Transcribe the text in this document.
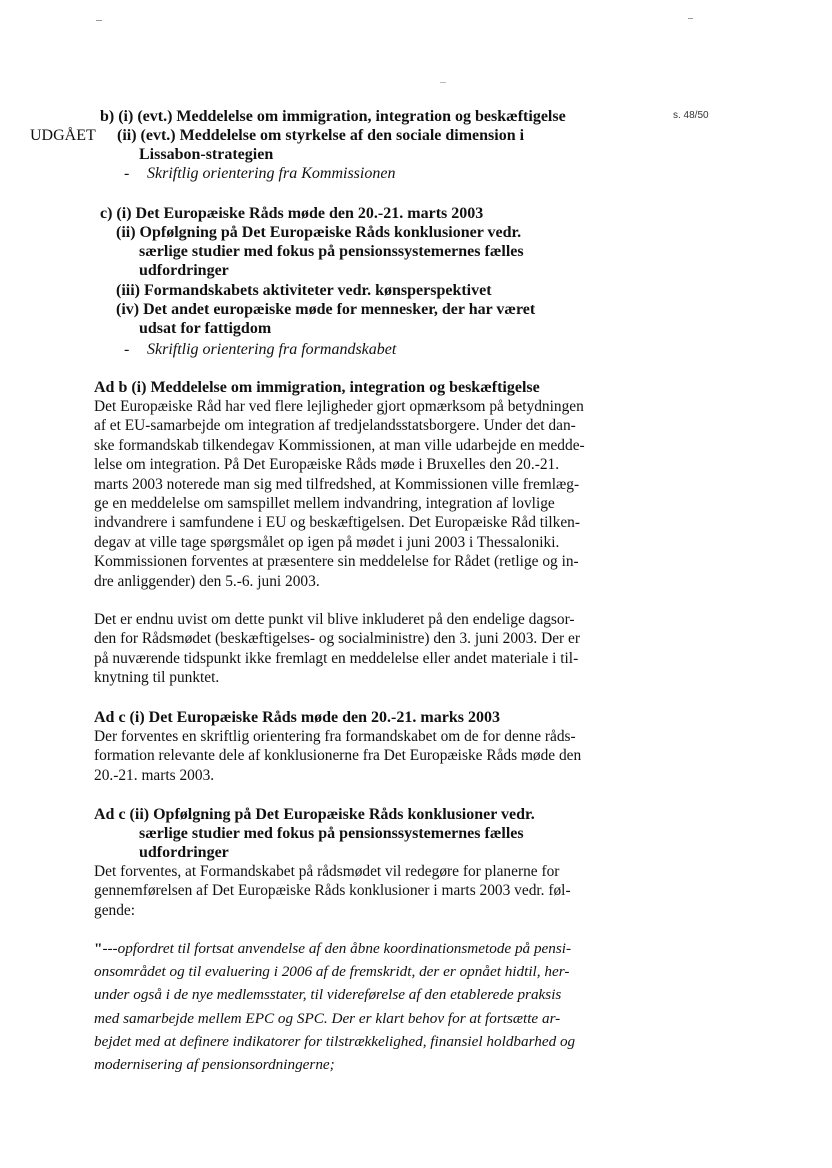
s. 48/50
b) (i) (evt.) Meddelelse om immigration, integration og beskæftigelse
UDGÅET (ii) (evt.) Meddelelse om styrkelse af den sociale dimension i
Lissabon-strategien
- Skriftlig orientering fra Kommissionen
c) (i) Det Europæiske Råds møde den 20.-21. marts 2003
(ii) Opfølgning på Det Europæiske Råds konklusioner vedr.
særlige studier med fokus på pensionssystemernes fælles
udfordringer
(iii) Formandskabets aktiviteter vedr. kønsperspektivet
(iv) Det andet europæiske møde for mennesker, der har været
udsat for fattigdom
- Skriftlig orientering fra formandskabet
Ad b (i) Meddelelse om immigration, integration og beskæftigelse
Det Europæiske Råd har ved flere lejligheder gjort opmærksom på betydningen
af et EU-samarbejde om integration af tredjelandsstatsborgere. Under det dan-
ske formandskab tilkendegav Kommissionen, at man ville udarbejde en medde-
lelse om integration. På Det Europæiske Råds møde i Bruxelles den 20.-21.
marts 2003 noterede man sig med tilfredshed, at Kommissionen ville fremlæg-
ge en meddelelse om samspillet mellem indvandring, integration af lovlige
indvandrere i samfundene i EU og beskæftigelsen. Det Europæiske Råd tilken-
degav at ville tage spørgsmålet op igen på mødet i juni 2003 i Thessaloniki.
Kommissionen forventes at præsentere sin meddelelse for Rådet (retlige og in-
dre anliggender) den 5.-6. juni 2003.
Det er endnu uvist om dette punkt vil blive inkluderet på den endelige dagsor-
den for Rådsmødet (beskæftigelses- og socialministre) den 3. juni 2003. Der er
på nuværende tidspunkt ikke fremlagt en meddelelse eller andet materiale i til-
knytning til punktet.
Ad c (i) Det Europæiske Råds møde den 20.-21. marks 2003
Der forventes en skriftlig orientering fra formandskabet om de for denne råds-
formation relevante dele af konklusionerne fra Det Europæiske Råds møde den
20.-21. marts 2003.
Ad c (ii) Opfølgning på Det Europæiske Råds konklusioner vedr.
særlige studier med fokus på pensionssystemernes fælles
udfordringer
Det forventes, at Formandskabet på rådsmødet vil redegøre for planerne for
gennemførelsen af Det Europæiske Råds konklusioner i marts 2003 vedr. føl-
gende:
"---opfordret til fortsat anvendelse af den åbne koordinationsmetode på pensi-
onsområdet og til evaluering i 2006 af de fremskridt, der er opnået hidtil, her-
under også i de nye medlemsstater, til videreførelse af den etablerede praksis
med samarbejde mellem EPC og SPC. Der er klart behov for at fortsætte ar-
bejdet med at definere indikatorer for tilstrækkelighed, finansiel holdbarhed og
modernisering af pensionsordningerne;
